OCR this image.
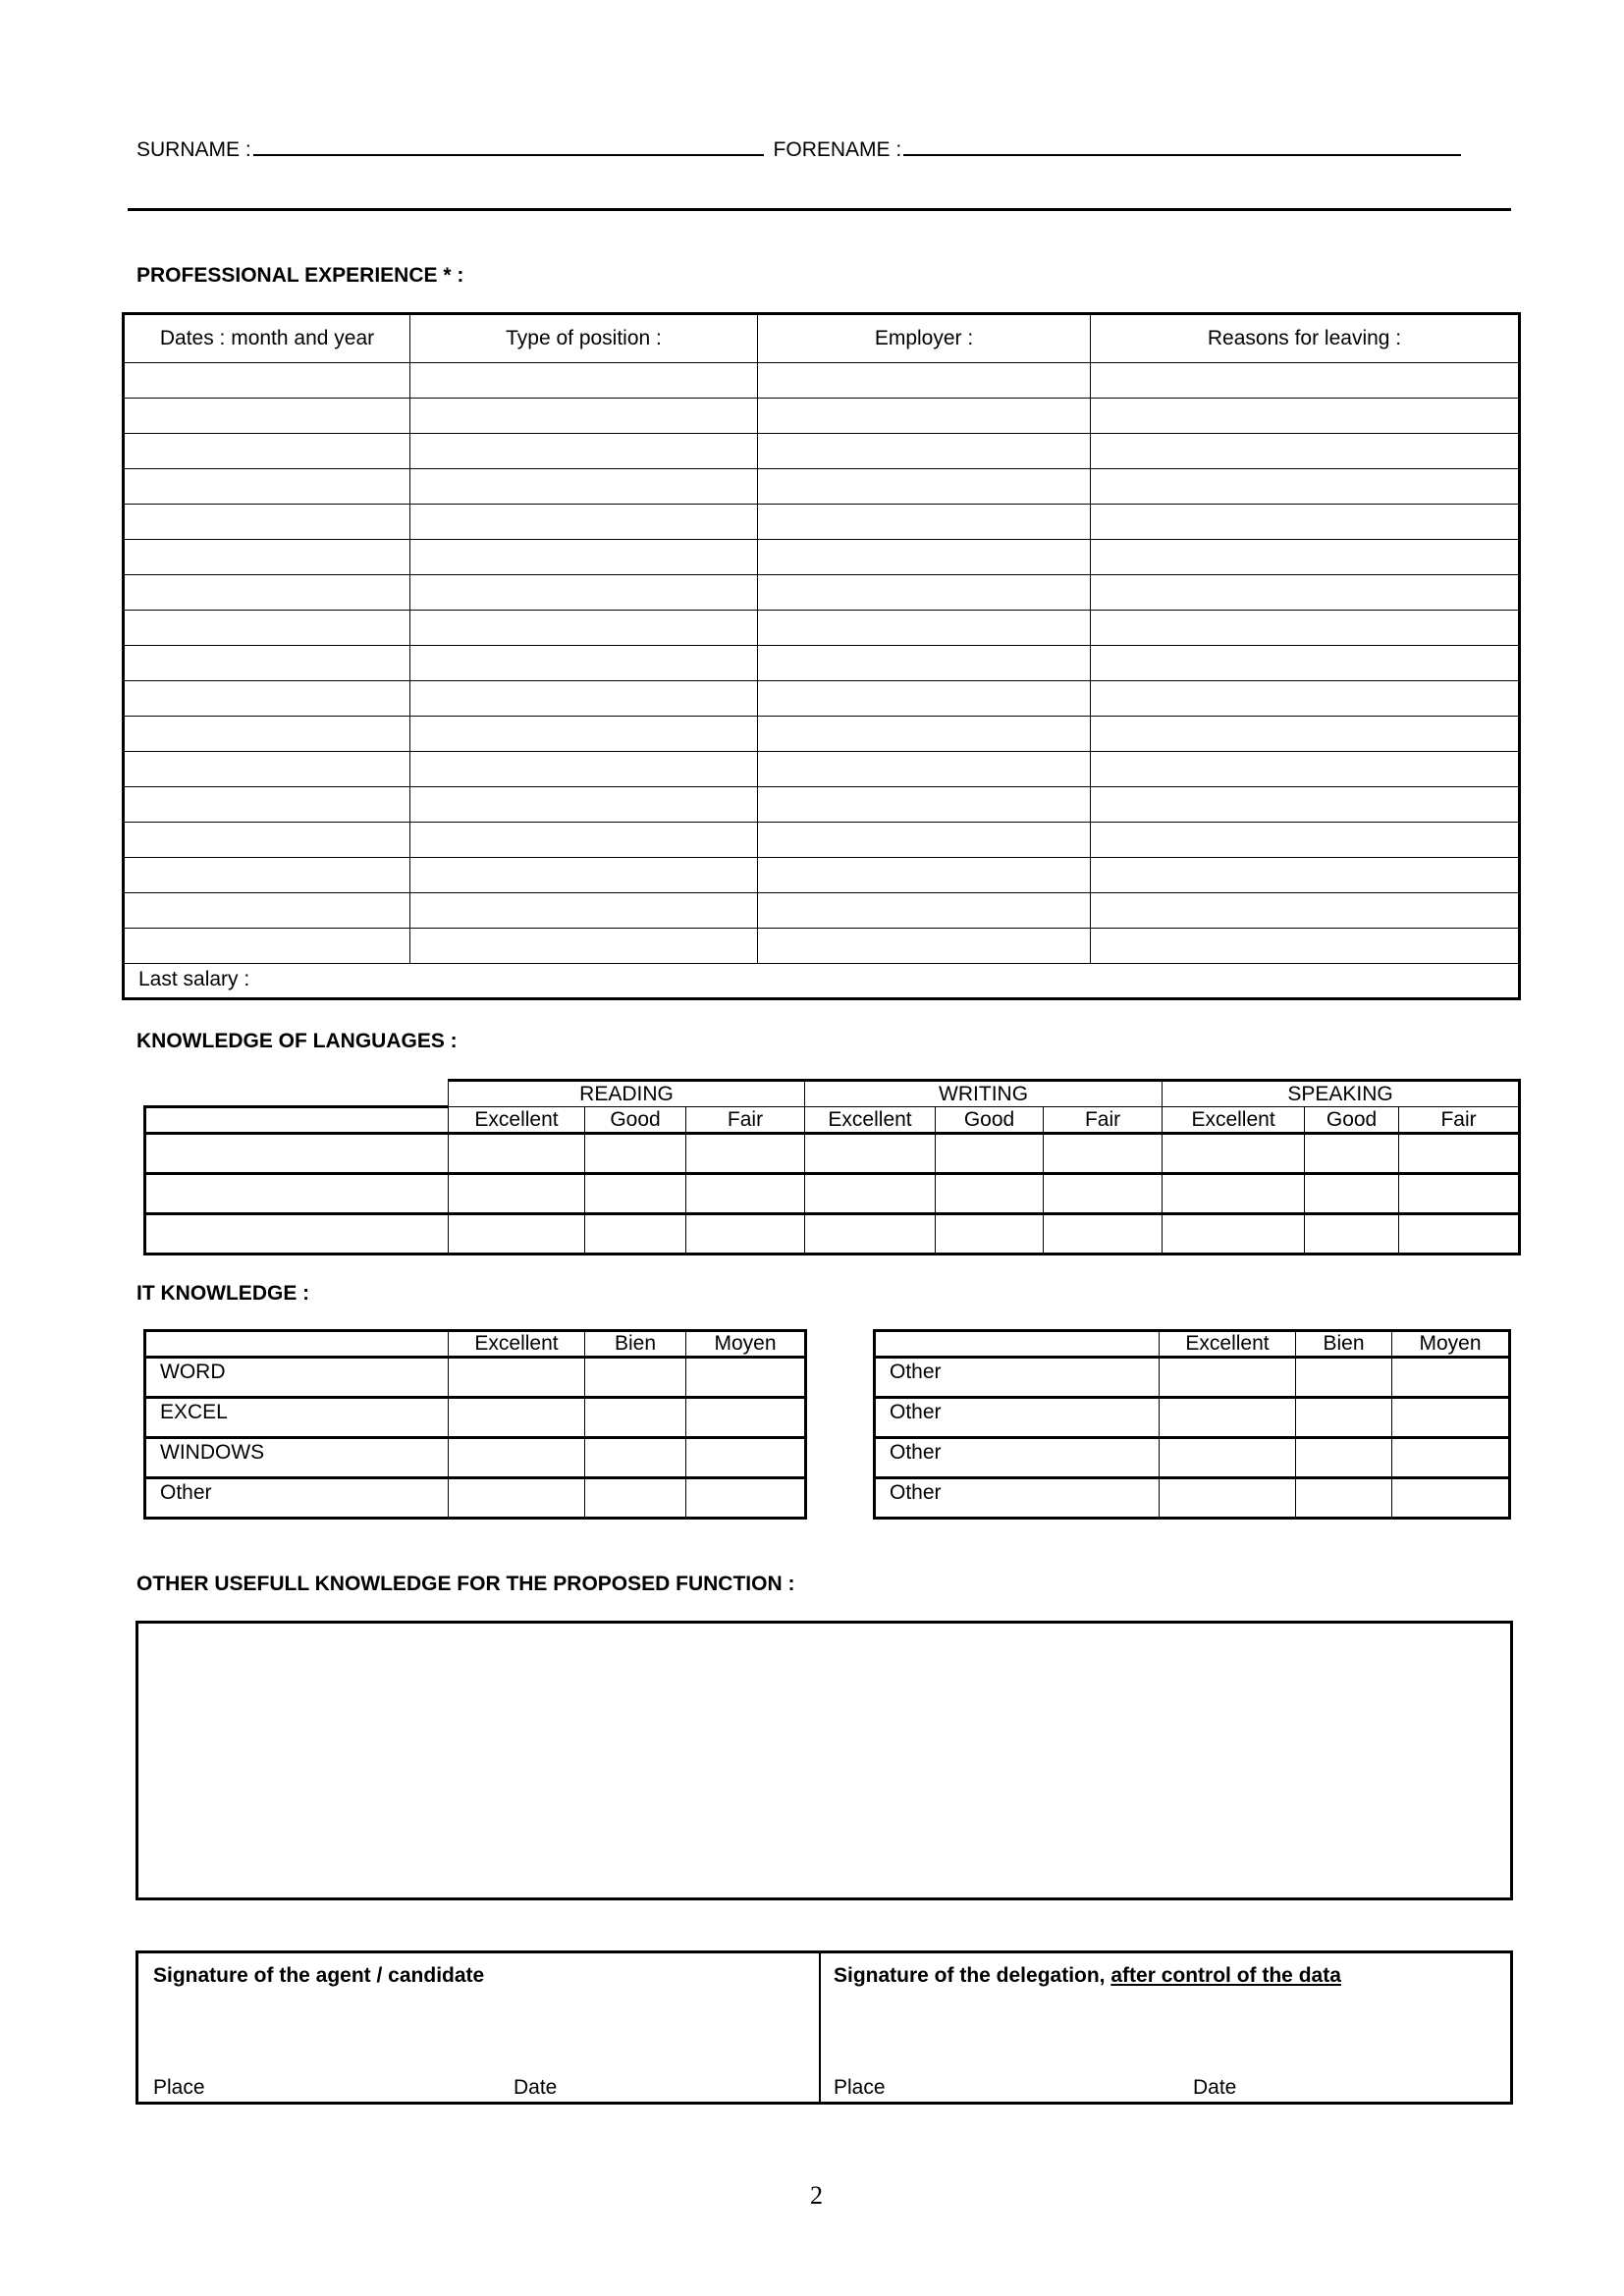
SURNAME :	FORENAME :
PROFESSIONAL EXPERIENCE * :
Dates : month and year	Type of position :	Employer :	Reasons for leaving :

Last salary :			
KNOWLEDGE OF LANGUAGES :
	READING			WRITING			SPEAKING		
	Excellent	Good	Fair	Excellent	Good	Fair	Excellent	Good	Fair

IT KNOWLEDGE :
	Excellent	Bien	Moyen
WORD			
EXCEL			
WINDOWS			
Other			
	Excellent	Bien	Moyen
Other			
Other			
Other			
Other			
OTHER USEFULL KNOWLEDGE FOR THE PROPOSED FUNCTION :
Signature of the agent / candidate	Signature of the delegation, after control of the data
Place	Date	Place	Date
2
